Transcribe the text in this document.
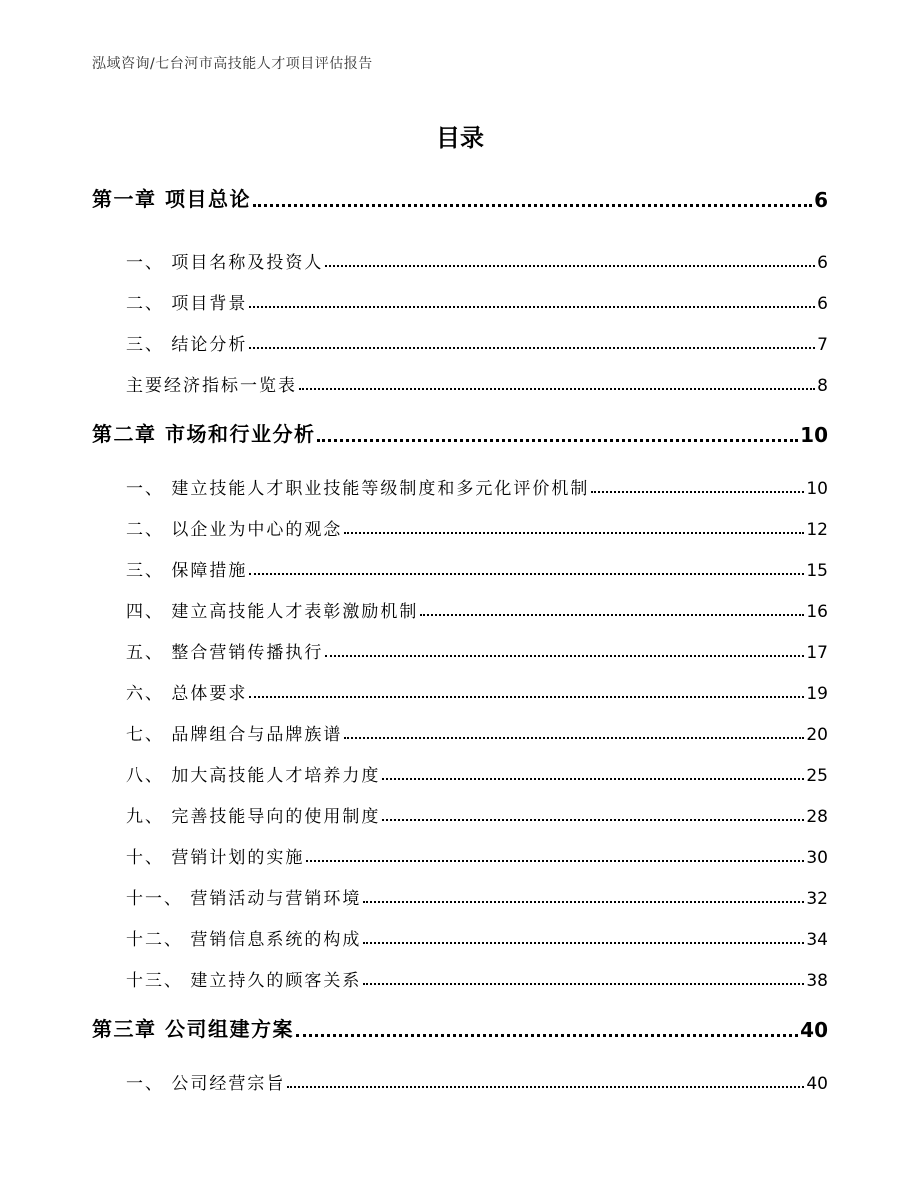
泓域咨询/七台河市高技能人才项目评估报告
目录
第一章 项目总论	6
一、 项目名称及投资人	6
二、 项目背景	6
三、 结论分析	7
主要经济指标一览表	8
第二章 市场和行业分析	10
一、 建立技能人才职业技能等级制度和多元化评价机制	10
二、 以企业为中心的观念	12
三、 保障措施	15
四、 建立高技能人才表彰激励机制	16
五、 整合营销传播执行	17
六、 总体要求	19
七、 品牌组合与品牌族谱	20
八、 加大高技能人才培养力度	25
九、 完善技能导向的使用制度	28
十、 营销计划的实施	30
十一、 营销活动与营销环境	32
十二、 营销信息系统的构成	34
十三、 建立持久的顾客关系	38
第三章 公司组建方案	40
一、 公司经营宗旨	40
